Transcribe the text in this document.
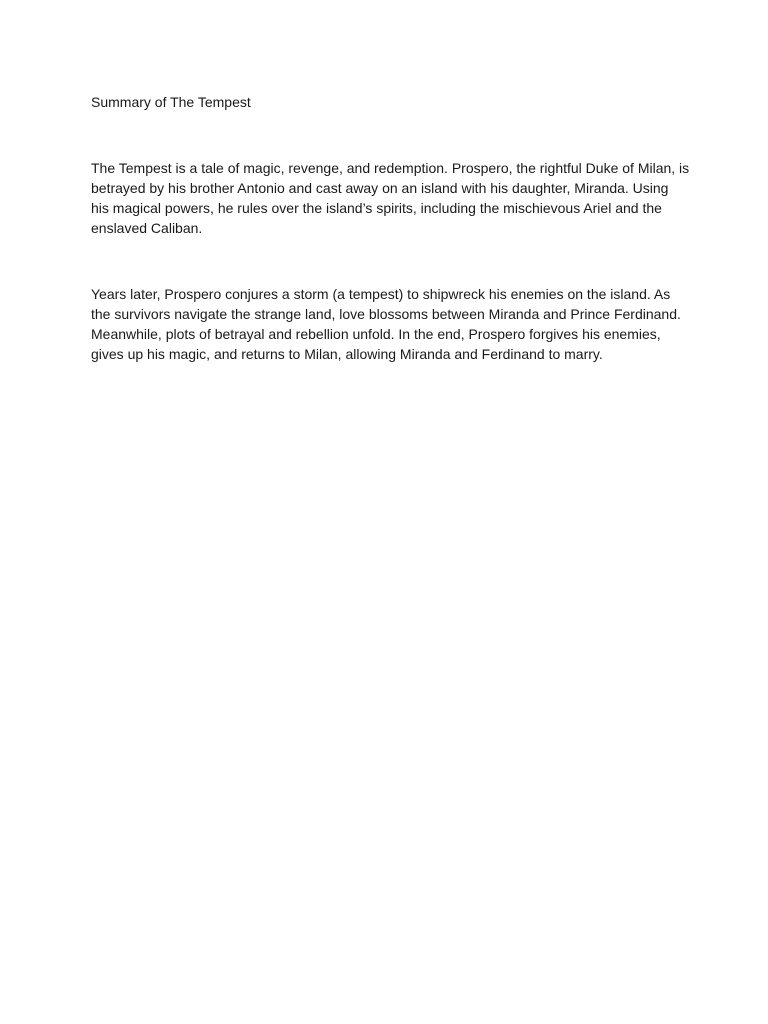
Summary of The Tempest

The Tempest is a tale of magic, revenge, and redemption. Prospero, the rightful Duke of Milan, is
betrayed by his brother Antonio and cast away on an island with his daughter, Miranda. Using
his magical powers, he rules over the island’s spirits, including the mischievous Ariel and the
enslaved Caliban.

Years later, Prospero conjures a storm (a tempest) to shipwreck his enemies on the island. As
the survivors navigate the strange land, love blossoms between Miranda and Prince Ferdinand.
Meanwhile, plots of betrayal and rebellion unfold. In the end, Prospero forgives his enemies,
gives up his magic, and returns to Milan, allowing Miranda and Ferdinand to marry.
